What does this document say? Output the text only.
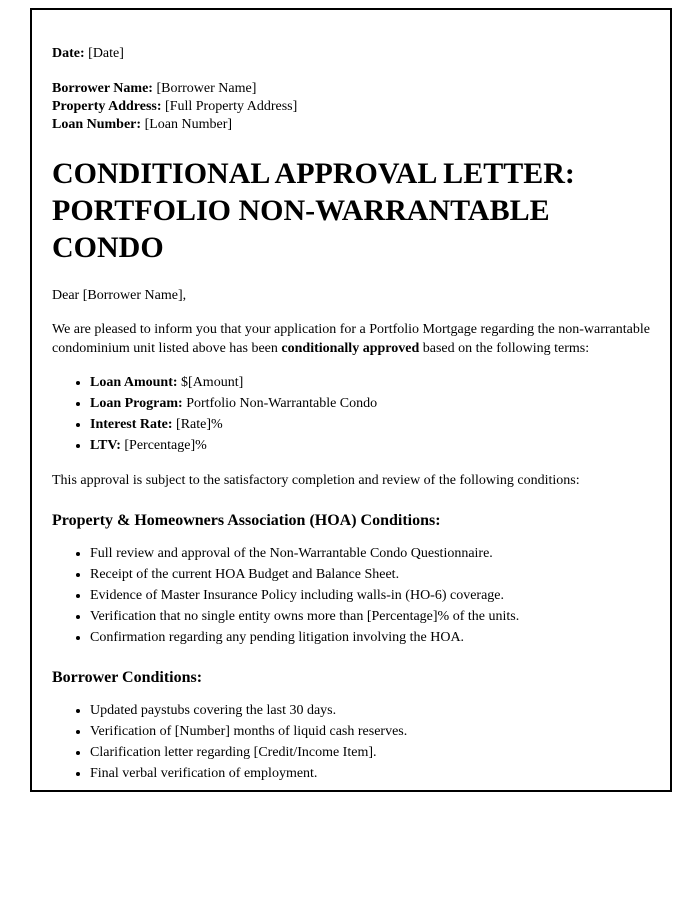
Date: [Date]
Borrower Name: [Borrower Name]
Property Address: [Full Property Address]
Loan Number: [Loan Number]
CONDITIONAL APPROVAL LETTER: PORTFOLIO NON-WARRANTABLE CONDO
Dear [Borrower Name],

We are pleased to inform you that your application for a Portfolio Mortgage regarding the non-warrantable condominium unit listed above has been conditionally approved based on the following terms:

• Loan Amount: $[Amount]
• Loan Program: Portfolio Non-Warrantable Condo
• Interest Rate: [Rate]%
• LTV: [Percentage]%

This approval is subject to the satisfactory completion and review of the following conditions:

Property & Homeowners Association (HOA) Conditions:
• Full review and approval of the Non-Warrantable Condo Questionnaire.
• Receipt of the current HOA Budget and Balance Sheet.
• Evidence of Master Insurance Policy including walls-in (HO-6) coverage.
• Verification that no single entity owns more than [Percentage]% of the units.
• Confirmation regarding any pending litigation involving the HOA.
Borrower Conditions:
• Updated paystubs covering the last 30 days.
• Verification of [Number] months of liquid cash reserves.
• Clarification letter regarding [Credit/Income Item].
• Final verbal verification of employment.
